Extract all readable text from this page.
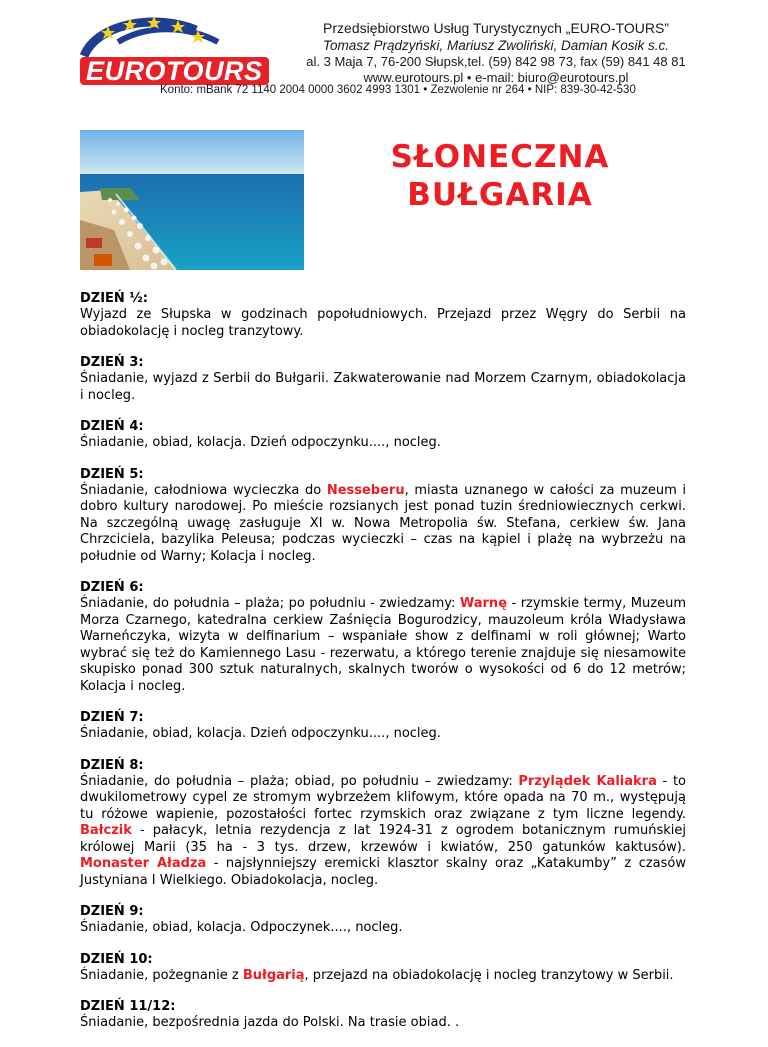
EUROTOURS
Przedsiębiorstwo Usług Turystycznych „EURO-TOURS”
Tomasz Prądzyński, Mariusz Zwoliński, Damian Kosik s.c.
al. 3 Maja 7, 76-200 Słupsk,tel. (59) 842 98 73, fax (59) 841 48 81
www.eurotours.pl • e-mail: biuro@eurotours.pl
Konto: mBank 72 1140 2004 0000 3602 4993 1301 • Zezwolenie nr 264 • NIP: 839-30-42-530
SŁONECZNA
BUŁGARIA
DZIEŃ ½:
Wyjazd ze Słupska w godzinach popołudniowych. Przejazd przez Węgry do Serbii na obiadokolację i nocleg tranzytowy.
DZIEŃ 3:
Śniadanie, wyjazd z Serbii do Bułgarii. Zakwaterowanie nad Morzem Czarnym, obiadokolacja i nocleg.
DZIEŃ 4:
Śniadanie, obiad, kolacja. Dzień odpoczynku...., nocleg.
DZIEŃ 5:
Śniadanie, całodniowa wycieczka do Nesseberu, miasta uznanego w całości za muzeum i dobro kultury narodowej. Po mieście rozsianych jest ponad tuzin średniowiecznych cerkwi. Na szczególną uwagę zasługuje XI w. Nowa Metropolia św. Stefana, cerkiew św. Jana Chrzciciela, bazylika Peleusa; podczas wycieczki – czas na kąpiel i plażę na wybrzeżu na południe od Warny; Kolacja i nocleg.
DZIEŃ 6:
Śniadanie, do południa – plaża; po południu - zwiedzamy: Warnę - rzymskie termy, Muzeum Morza Czarnego, katedralna cerkiew Zaśnięcia Bogurodzicy, mauzoleum króla Władysława Warneńczyka, wizyta w delfinarium – wspaniałe show z delfinami w roli głównej; Warto wybrać się też do Kamiennego Lasu - rezerwatu, a którego terenie znajduje się niesamowite skupisko ponad 300 sztuk naturalnych, skalnych tworów o wysokości od 6 do 12 metrów; Kolacja i nocleg.
DZIEŃ 7:
Śniadanie, obiad, kolacja. Dzień odpoczynku...., nocleg.
DZIEŃ 8:
Śniadanie, do południa – plaża; obiad, po południu – zwiedzamy: Przylądek Kaliakra - to dwukilometrowy cypel ze stromym wybrzeżem klifowym, które opada na 70 m., występują tu różowe wapienie, pozostałości fortec rzymskich oraz związane z tym liczne legendy. Bałczik - pałacyk, letnia rezydencja z lat 1924-31 z ogrodem botanicznym rumuńskiej królowej Marii (35 ha - 3 tys. drzew, krzewów i kwiatów, 250 gatunków kaktusów). Monaster Aładza - najsłynniejszy eremicki klasztor skalny oraz „Katakumby” z czasów Justyniana I Wielkiego. Obiadokolacja, nocleg.
DZIEŃ 9:
Śniadanie, obiad, kolacja. Odpoczynek...., nocleg.
DZIEŃ 10:
Śniadanie, pożegnanie z Bułgarią, przejazd na obiadokolację i nocleg tranzytowy w Serbii.
DZIEŃ 11/12:
Śniadanie, bezpośrednia jazda do Polski. Na trasie obiad. .
